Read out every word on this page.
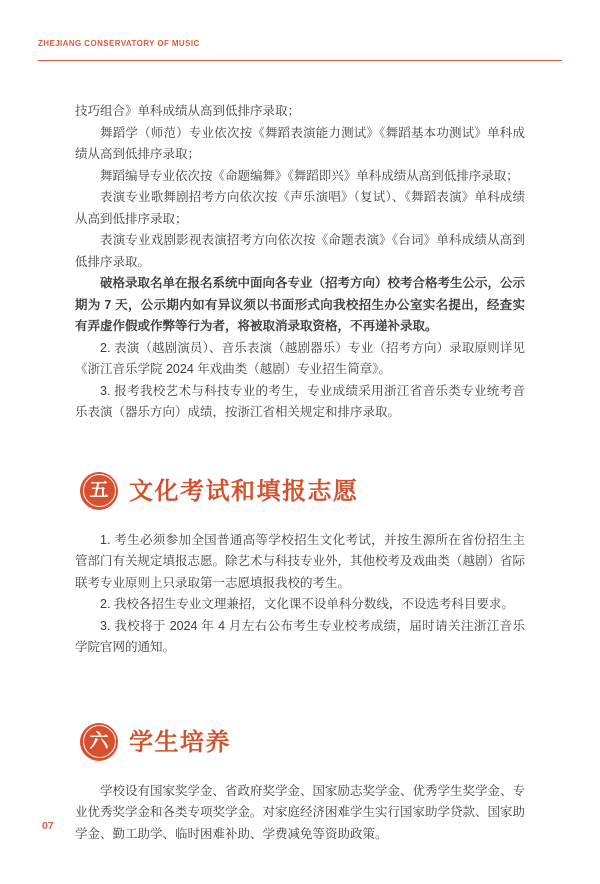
ZHEJIANG CONSERVATORY OF MUSIC

技巧组合》单科成绩从高到低排序录取；

舞蹈学（师范）专业依次按《舞蹈表演能力测试》《舞蹈基本功测试》单科成绩从高到低排序录取；

舞蹈编导专业依次按《命题编舞》《舞蹈即兴》单科成绩从高到低排序录取；

表演专业歌舞剧招考方向依次按《声乐演唱》（复试）、《舞蹈表演》单科成绩从高到低排序录取；

表演专业戏剧影视表演招考方向依次按《命题表演》《台词》单科成绩从高到低排序录取。

破格录取名单在报名系统中面向各专业（招考方向）校考合格考生公示，公示期为 7 天，公示期内如有异议须以书面形式向我校招生办公室实名提出，经查实有弄虚作假或作弊等行为者，将被取消录取资格，不再递补录取。

2. 表演（越剧演员）、音乐表演（越剧器乐）专业（招考方向）录取原则详见《浙江音乐学院 2024 年戏曲类（越剧）专业招生简章》。

3. 报考我校艺术与科技专业的考生，专业成绩采用浙江省音乐类专业统考音乐表演（器乐方向）成绩，按浙江省相关规定和排序录取。

五 文化考试和填报志愿

1. 考生必须参加全国普通高等学校招生文化考试，并按生源所在省份招生主管部门有关规定填报志愿。除艺术与科技专业外，其他校考及戏曲类（越剧）省际联考专业原则上只录取第一志愿填报我校的考生。

2. 我校各招生专业文理兼招，文化课不设单科分数线，不设选考科目要求。

3. 我校将于 2024 年 4 月左右公布考生专业校考成绩，届时请关注浙江音乐学院官网的通知。

六 学生培养

学校设有国家奖学金、省政府奖学金、国家励志奖学金、优秀学生奖学金、专业优秀奖学金和各类专项奖学金。对家庭经济困难学生实行国家助学贷款、国家助学金、勤工助学、临时困难补助、学费减免等资助政策。

07
